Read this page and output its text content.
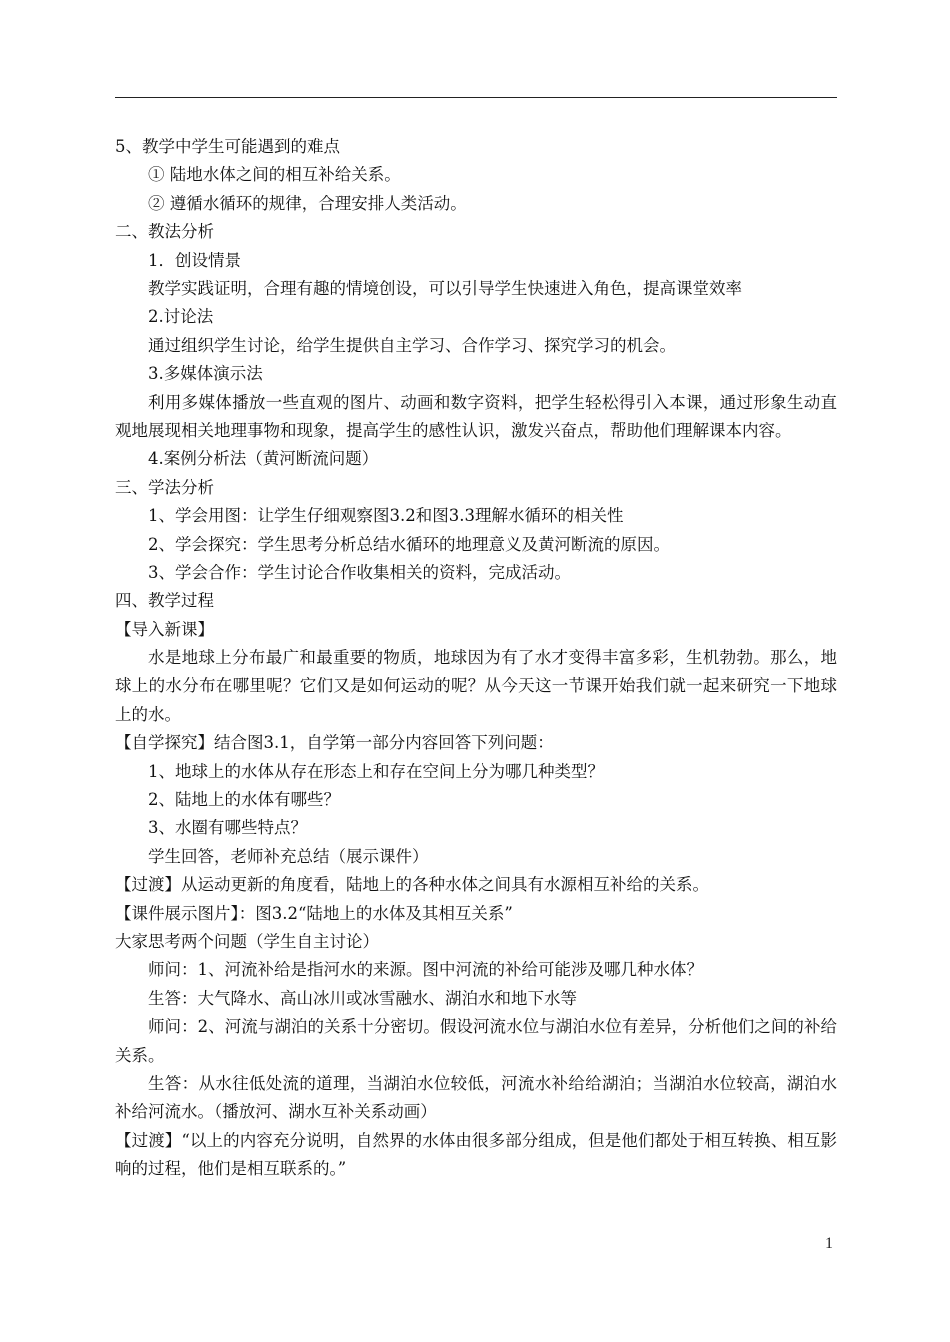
5、教学中学生可能遇到的难点
① 陆地水体之间的相互补给关系。
② 遵循水循环的规律，合理安排人类活动。
二、教法分析
1．创设情景
教学实践证明，合理有趣的情境创设，可以引导学生快速进入角色，提高课堂效率
2.讨论法
通过组织学生讨论，给学生提供自主学习、合作学习、探究学习的机会。
3.多媒体演示法
利用多媒体播放一些直观的图片、动画和数字资料，把学生轻松得引入本课，通过形象生动直观地展现相关地理事物和现象，提高学生的感性认识，激发兴奋点，帮助他们理解课本内容。
4.案例分析法（黄河断流问题）
三、学法分析
1、学会用图：让学生仔细观察图3.2和图3.3理解水循环的相关性
2、学会探究：学生思考分析总结水循环的地理意义及黄河断流的原因。
3、学会合作：学生讨论合作收集相关的资料，完成活动。
四、教学过程
【导入新课】
水是地球上分布最广和最重要的物质，地球因为有了水才变得丰富多彩，生机勃勃。那么，地球上的水分布在哪里呢？它们又是如何运动的呢？从今天这一节课开始我们就一起来研究一下地球上的水。
【自学探究】结合图3.1，自学第一部分内容回答下列问题：
1、地球上的水体从存在形态上和存在空间上分为哪几种类型？
2、陆地上的水体有哪些？
3、水圈有哪些特点？
学生回答，老师补充总结（展示课件）
【过渡】从运动更新的角度看，陆地上的各种水体之间具有水源相互补给的关系。
【课件展示图片】：图3.2“陆地上的水体及其相互关系”
大家思考两个问题（学生自主讨论）
师问：1、河流补给是指河水的来源。图中河流的补给可能涉及哪几种水体？
生答：大气降水、高山冰川或冰雪融水、湖泊水和地下水等
师问：2、河流与湖泊的关系十分密切。假设河流水位与湖泊水位有差异，分析他们之间的补给关系。
生答：从水往低处流的道理，当湖泊水位较低，河流水补给给湖泊；当湖泊水位较高，湖泊水补给河流水。（播放河、湖水互补关系动画）
【过渡】“以上的内容充分说明，自然界的水体由很多部分组成，但是他们都处于相互转换、相互影响的过程，他们是相互联系的。”
1
